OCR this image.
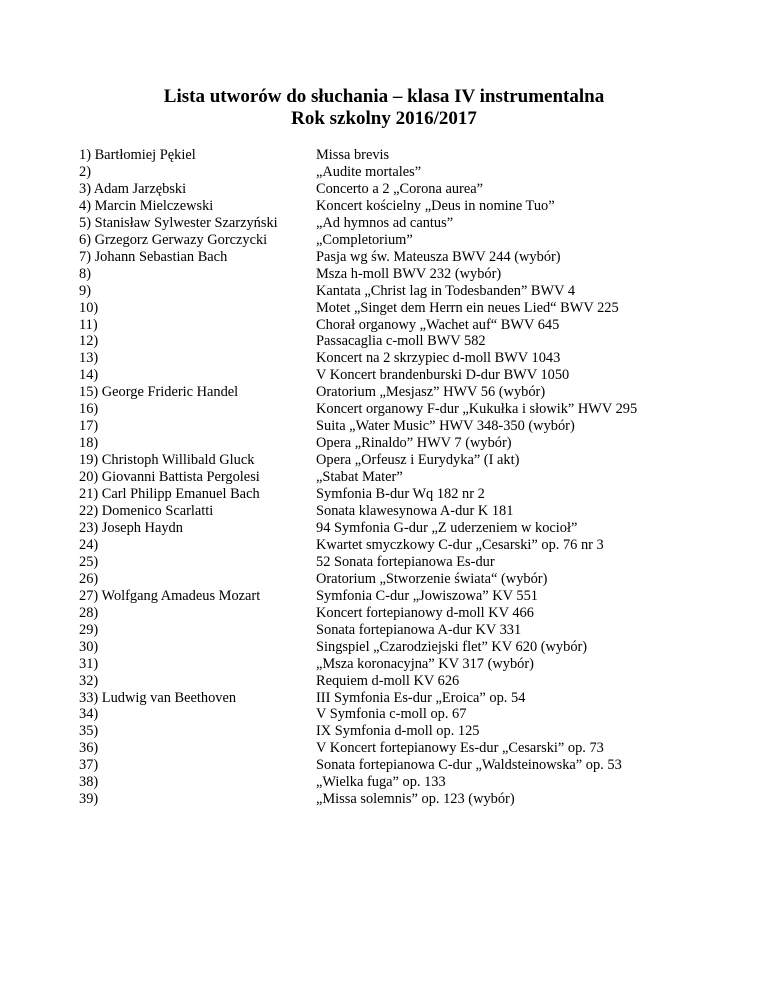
Lista utworów do słuchania – klasa IV instrumentalna
Rok szkolny 2016/2017
1) Bartłomiej Pękiel	Missa brevis
2)	„Audite mortales”
3) Adam Jarzębski	Concerto a 2 „Corona aurea”
4) Marcin Mielczewski	Koncert kościelny „Deus in nomine Tuo”
5) Stanisław Sylwester Szarzyński	„Ad hymnos ad cantus”
6) Grzegorz Gerwazy Gorczycki	„Completorium”
7) Johann Sebastian Bach	Pasja wg św. Mateusza BWV 244 (wybór)
8)	Msza h-moll BWV 232 (wybór)
9)	Kantata „Christ lag in Todesbanden” BWV 4
10)	Motet „Singet dem Herrn ein neues Lied“ BWV 225
11)	Chorał organowy „Wachet auf“ BWV 645
12)	Passacaglia c-moll BWV 582
13)	Koncert na 2 skrzypiec d-moll BWV 1043
14)	V Koncert brandenburski D-dur BWV 1050
15) George Frideric Handel	Oratorium „Mesjasz” HWV 56 (wybór)
16)	Koncert organowy F-dur „Kukułka i słowik” HWV 295
17)	Suita „Water Music” HWV 348-350 (wybór)
18)	Opera „Rinaldo” HWV 7 (wybór)
19) Christoph Willibald Gluck	Opera „Orfeusz i Eurydyka” (I akt)
20) Giovanni Battista Pergolesi	„Stabat Mater”
21) Carl Philipp Emanuel Bach	Symfonia B-dur Wq 182 nr 2
22) Domenico Scarlatti	Sonata klawesynowa A-dur K 181
23) Joseph Haydn	94 Symfonia G-dur „Z uderzeniem w kocioł”
24)	Kwartet smyczkowy C-dur „Cesarski” op. 76 nr 3
25)	52 Sonata fortepianowa Es-dur
26)	Oratorium „Stworzenie świata“ (wybór)
27) Wolfgang Amadeus Mozart	Symfonia C-dur „Jowiszowa” KV 551
28)	Koncert fortepianowy d-moll KV 466
29)	Sonata fortepianowa A-dur KV 331
30)	Singspiel „Czarodziejski flet” KV 620 (wybór)
31)	„Msza koronacyjna” KV 317 (wybór)
32)	Requiem d-moll KV 626
33) Ludwig van Beethoven	III Symfonia Es-dur „Eroica” op. 54
34)	V Symfonia c-moll op. 67
35)	IX Symfonia d-moll op. 125
36)	V Koncert fortepianowy Es-dur „Cesarski” op. 73
37)	Sonata fortepianowa C-dur „Waldsteinowska” op. 53
38)	„Wielka fuga” op. 133
39)	„Missa solemnis” op. 123 (wybór)
